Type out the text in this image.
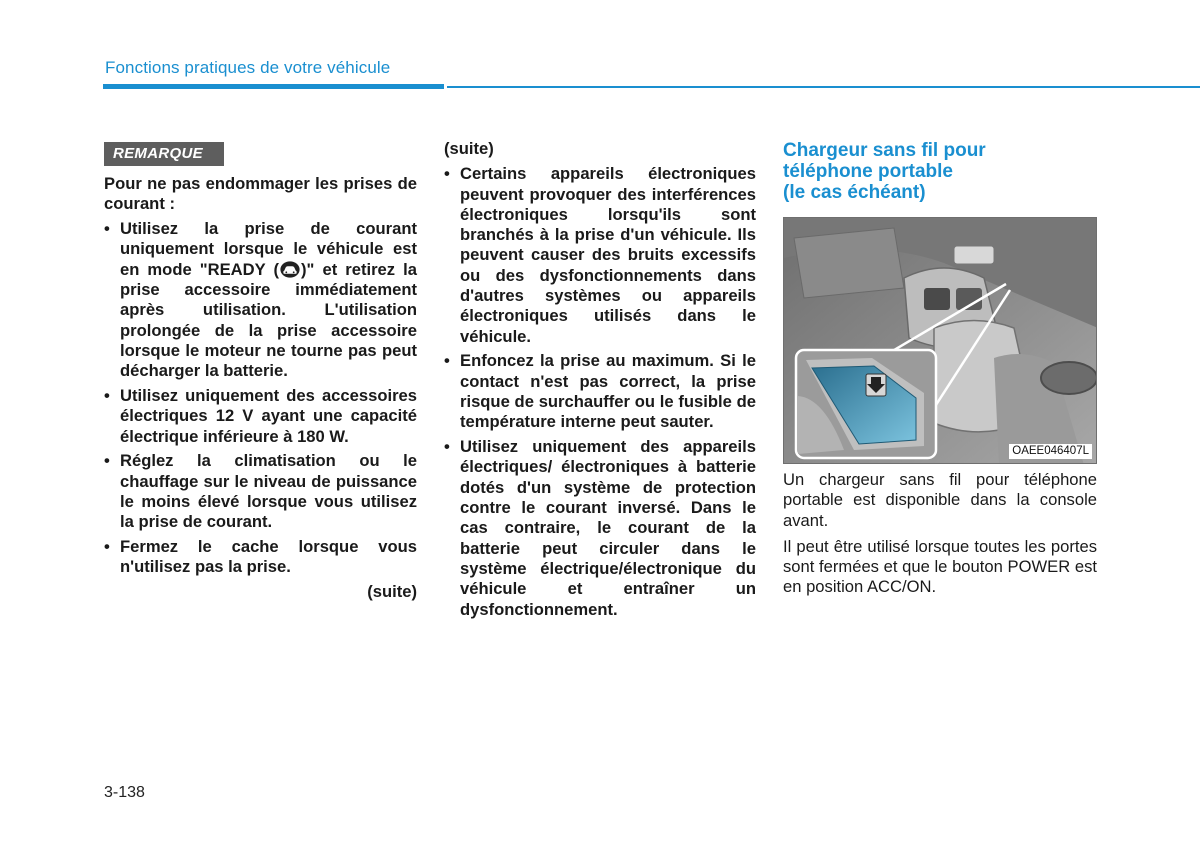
Fonctions pratiques de votre véhicule
REMARQUE

Pour ne pas endommager les prises de courant :

• Utilisez la prise de courant uniquement lorsque le véhicule est en mode "READY ( )" et retirez la prise accessoire immédiatement après utilisation. L'utilisation prolongée de la prise accessoire lorsque le moteur ne tourne pas peut décharger la batterie.
• Utilisez uniquement des accessoires électriques 12 V ayant une capacité électrique inférieure à 180 W.
• Réglez la climatisation ou le chauffage sur le niveau de puissance le moins élevé lorsque vous utilisez la prise de courant.
• Fermez le cache lorsque vous n'utilisez pas la prise.

(suite)

(suite)

• Certains appareils électroniques peuvent provoquer des interférences électroniques lorsqu'ils sont branchés à la prise d'un véhicule. Ils peuvent causer des bruits excessifs ou des dysfonctionnements dans d'autres systèmes ou appareils électroniques utilisés dans le véhicule.
• Enfoncez la prise au maximum. Si le contact n'est pas correct, la prise risque de surchauffer ou le fusible de température interne peut sauter.
• Utilisez uniquement des appareils électriques/ électroniques à batterie dotés d'un système de protection contre le courant inversé. Dans le cas contraire, le courant de la batterie peut circuler dans le système électrique/électronique du véhicule et entraîner un dysfonctionnement.
Chargeur sans fil pour
téléphone portable
(le cas échéant)
OAEE046407L

Un chargeur sans fil pour téléphone portable est disponible dans la console avant.

Il peut être utilisé lorsque toutes les portes sont fermées et que le bouton POWER est en position ACC/ON.

3-138
